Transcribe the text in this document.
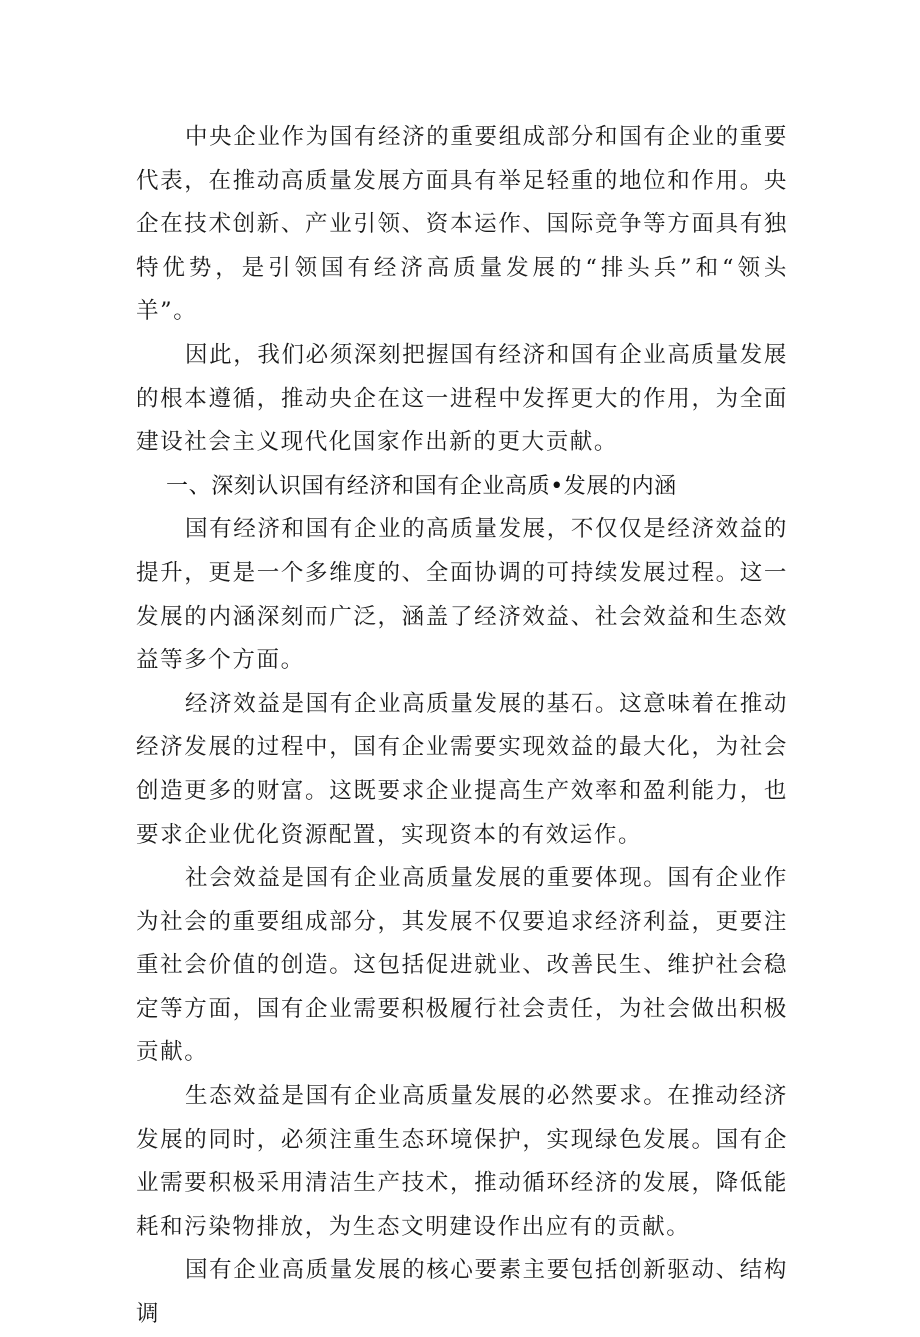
中央企业作为国有经济的重要组成部分和国有企业的重要代表，在推动高质量发展方面具有举足轻重的地位和作用。央企在技术创新、产业引领、资本运作、国际竞争等方面具有独特优势，是引领国有经济高质量发展的“排头兵”和“领头羊”。

因此，我们必须深刻把握国有经济和国有企业高质量发展的根本遵循，推动央企在这一进程中发挥更大的作用，为全面建设社会主义现代化国家作出新的更大贡献。

一、深刻认识国有经济和国有企业高质•发展的内涵

国有经济和国有企业的高质量发展，不仅仅是经济效益的提升，更是一个多维度的、全面协调的可持续发展过程。这一发展的内涵深刻而广泛，涵盖了经济效益、社会效益和生态效益等多个方面。

经济效益是国有企业高质量发展的基石。这意味着在推动经济发展的过程中，国有企业需要实现效益的最大化，为社会创造更多的财富。这既要求企业提高生产效率和盈利能力，也要求企业优化资源配置，实现资本的有效运作。

社会效益是国有企业高质量发展的重要体现。国有企业作为社会的重要组成部分，其发展不仅要追求经济利益，更要注重社会价值的创造。这包括促进就业、改善民生、维护社会稳定等方面，国有企业需要积极履行社会责任，为社会做出积极贡献。

生态效益是国有企业高质量发展的必然要求。在推动经济发展的同时，必须注重生态环境保护，实现绿色发展。国有企业需要积极采用清洁生产技术，推动循环经济的发展，降低能耗和污染物排放，为生态文明建设作出应有的贡献。

国有企业高质量发展的核心要素主要包括创新驱动、结构调
